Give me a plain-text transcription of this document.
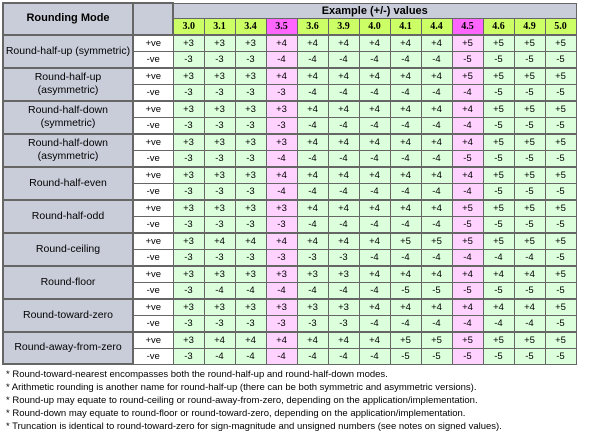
Rounding Mode		Example (+/-) values												
		3.0	3.1	3.4	3.5	3.6	3.9	4.0	4.1	4.4	4.5	4.6	4.9	5.0
Round-half-up (symmetric)	+ve	+3	+3	+3	+4	+4	+4	+4	+4	+4	+5	+5	+5	+5
	-ve	-3	-3	-3	-4	-4	-4	-4	-4	-4	-5	-5	-5	-5
Round-half-up (asymmetric)	+ve	+3	+3	+3	+4	+4	+4	+4	+4	+4	+5	+5	+5	+5
	-ve	-3	-3	-3	-3	-4	-4	-4	-4	-4	-4	-5	-5	-5
Round-half-down (symmetric)	+ve	+3	+3	+3	+3	+4	+4	+4	+4	+4	+4	+5	+5	+5
	-ve	-3	-3	-3	-3	-4	-4	-4	-4	-4	-4	-5	-5	-5
Round-half-down (asymmetric)	+ve	+3	+3	+3	+3	+4	+4	+4	+4	+4	+4	+5	+5	+5
	-ve	-3	-3	-3	-4	-4	-4	-4	-4	-4	-5	-5	-5	-5
Round-half-even	+ve	+3	+3	+3	+4	+4	+4	+4	+4	+4	+4	+5	+5	+5
	-ve	-3	-3	-3	-4	-4	-4	-4	-4	-4	-4	-5	-5	-5
Round-half-odd	+ve	+3	+3	+3	+3	+4	+4	+4	+4	+4	+5	+5	+5	+5
	-ve	-3	-3	-3	-3	-4	-4	-4	-4	-4	-5	-5	-5	-5
Round-ceiling	+ve	+3	+4	+4	+4	+4	+4	+4	+5	+5	+5	+5	+5	+5
	-ve	-3	-3	-3	-3	-3	-3	-4	-4	-4	-4	-4	-4	-5
Round-floor	+ve	+3	+3	+3	+3	+3	+3	+4	+4	+4	+4	+4	+4	+5
	-ve	-3	-4	-4	-4	-4	-4	-4	-5	-5	-5	-5	-5	-5
Round-toward-zero	+ve	+3	+3	+3	+3	+3	+3	+4	+4	+4	+4	+4	+4	+5
	-ve	-3	-3	-3	-3	-3	-3	-4	-4	-4	-4	-4	-4	-5
Round-away-from-zero	+ve	+3	+4	+4	+4	+4	+4	+4	+5	+5	+5	+5	+5	+5
	-ve	-3	-4	-4	-4	-4	-4	-4	-5	-5	-5	-5	-5	-5
* Round-toward-nearest encompasses both the round-half-up and round-half-down modes.
* Arithmetic rounding is another name for round-half-up (there can be both symmetric and asymmetric versions).
* Round-up may equate to round-ceiling or round-away-from-zero, depending on the application/implementation.
* Round-down may equate to round-floor or round-toward-zero, depending on the application/implementation.
* Truncation is identical to round-toward-zero for sign-magnitude and unsigned numbers (see notes on signed values).
